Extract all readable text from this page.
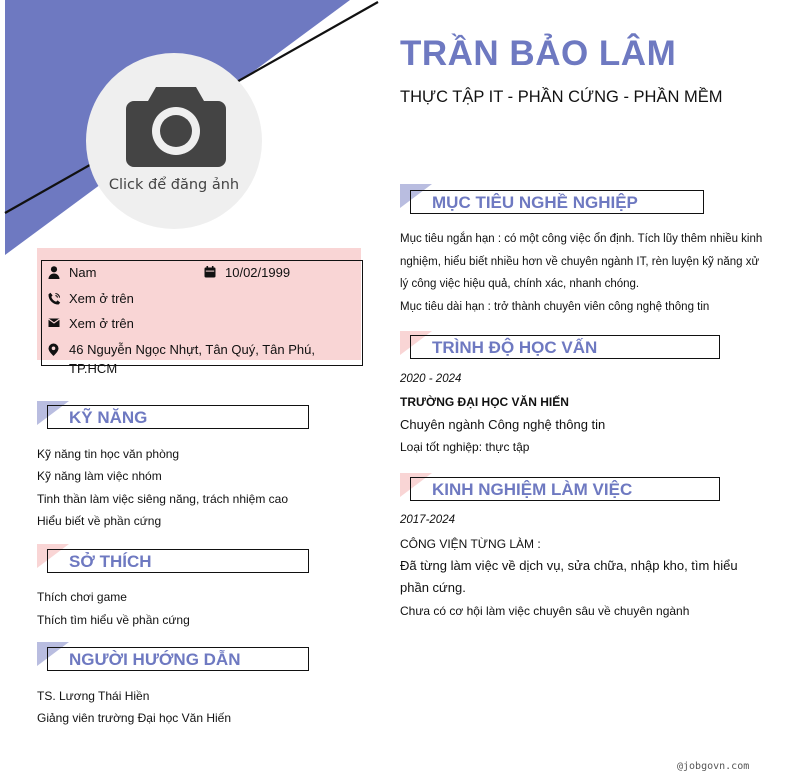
Click để đăng ảnh
TRẦN BẢO LÂM
THỰC TẬP IT - PHẦN CỨNG - PHẦN MỀM
Nam	10/02/1999
Xem ở trên
Xem ở trên
46 Nguyễn Ngọc Nhựt, Tân Quý, Tân Phú, TP.HCM
KỸ NĂNG
Kỹ năng tin học văn phòng
Kỹ năng làm việc nhóm
Tinh thần làm việc siêng năng, trách nhiệm cao
Hiểu biết về phần cứng
SỞ THÍCH
Thích chơi game
Thích tìm hiểu về phần cứng
NGƯỜI HƯỚNG DẪN
TS. Lương Thái Hiền
Giảng viên trường Đại học Văn Hiến
MỤC TIÊU NGHỀ NGHIỆP

Mục tiêu ngắn hạn : có một công việc ổn định. Tích lũy thêm nhiều kinh nghiệm, hiểu biết nhiều hơn về chuyên ngành IT, rèn luyện kỹ năng xử lý công việc hiệu quả, chính xác, nhanh chóng.

Mục tiêu dài hạn : trở thành chuyên viên công nghệ thông tin

TRÌNH ĐỘ HỌC VẤN
2020 - 2024
TRƯỜNG ĐẠI HỌC VĂN HIẾN
Chuyên ngành Công nghệ thông tin
Loại tốt nghiệp: thực tập
KINH NGHIỆM LÀM VIỆC
2017-2024
CÔNG VIỆN TỪNG LÀM :
Đã từng làm việc về dịch vụ, sửa chữa, nhập kho, tìm hiểu phần cứng.
Chưa có cơ hội làm việc chuyên sâu về chuyên ngành
@jobgovn.com
